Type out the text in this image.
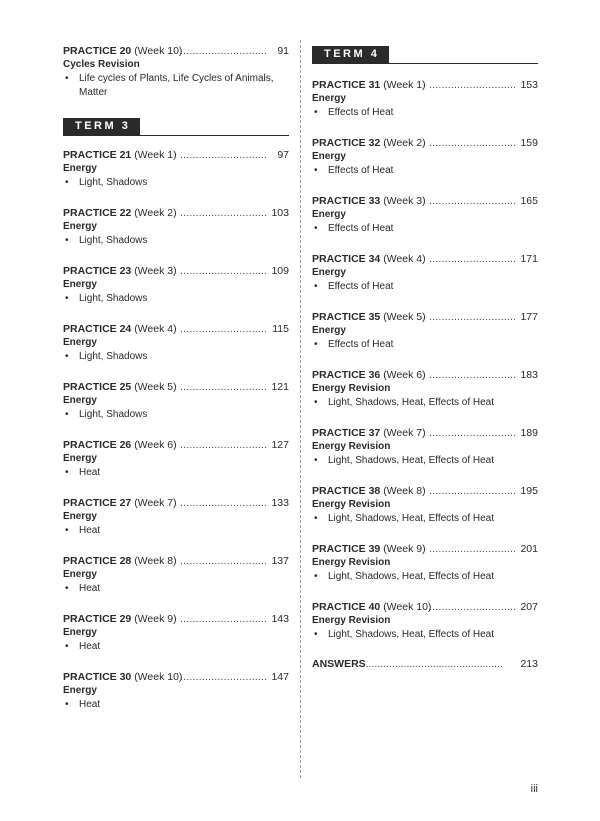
PRACTICE 20 (Week 10)
............................ 91
Cycles Revision
• Life cycles of Plants, Life Cycles of Animals,
Matter
TERM 3
PRACTICE 21 (Week 1) ............................ 97
Energy
• Light, Shadows
PRACTICE 22 (Week 2) ............................ 103
Energy
• Light, Shadows
PRACTICE 23 (Week 3) ............................ 109
Energy
• Light, Shadows
PRACTICE 24 (Week 4) ............................ 115
Energy
• Light, Shadows
PRACTICE 25 (Week 5) ............................ 121
Energy
• Light, Shadows
PRACTICE 26 (Week 6) ............................ 127
Energy
• Heat
PRACTICE 27 (Week 7) ............................ 133
Energy
• Heat
PRACTICE 28 (Week 8) ............................ 137
Energy
• Heat
PRACTICE 29 (Week 9) ............................ 143
Energy
• Heat
PRACTICE 30 (Week 10)
............................ 147
Energy
• Heat
TERM 4
PRACTICE 31 (Week 1) ............................ 153
Energy
• Effects of Heat
PRACTICE 32 (Week 2) ............................ 159
Energy
• Effects of Heat
PRACTICE 33 (Week 3) ............................ 165
Energy
• Effects of Heat
PRACTICE 34 (Week 4) ............................ 171
Energy
• Effects of Heat
PRACTICE 35 (Week 5) ............................ 177
Energy
• Effects of Heat
PRACTICE 36 (Week 6) ............................ 183
Energy Revision
• Light, Shadows, Heat, Effects of Heat
PRACTICE 37 (Week 7) ............................ 189
Energy Revision
• Light, Shadows, Heat, Effects of Heat
PRACTICE 38 (Week 8) ............................ 195
Energy Revision
• Light, Shadows, Heat, Effects of Heat
PRACTICE 39 (Week 9) ............................ 201
Energy Revision
• Light, Shadows, Heat, Effects of Heat
PRACTICE 40 (Week 10)
............................ 207
Energy Revision
• Light, Shadows, Heat, Effects of Heat
ANSWERS............................................... 213
iii
